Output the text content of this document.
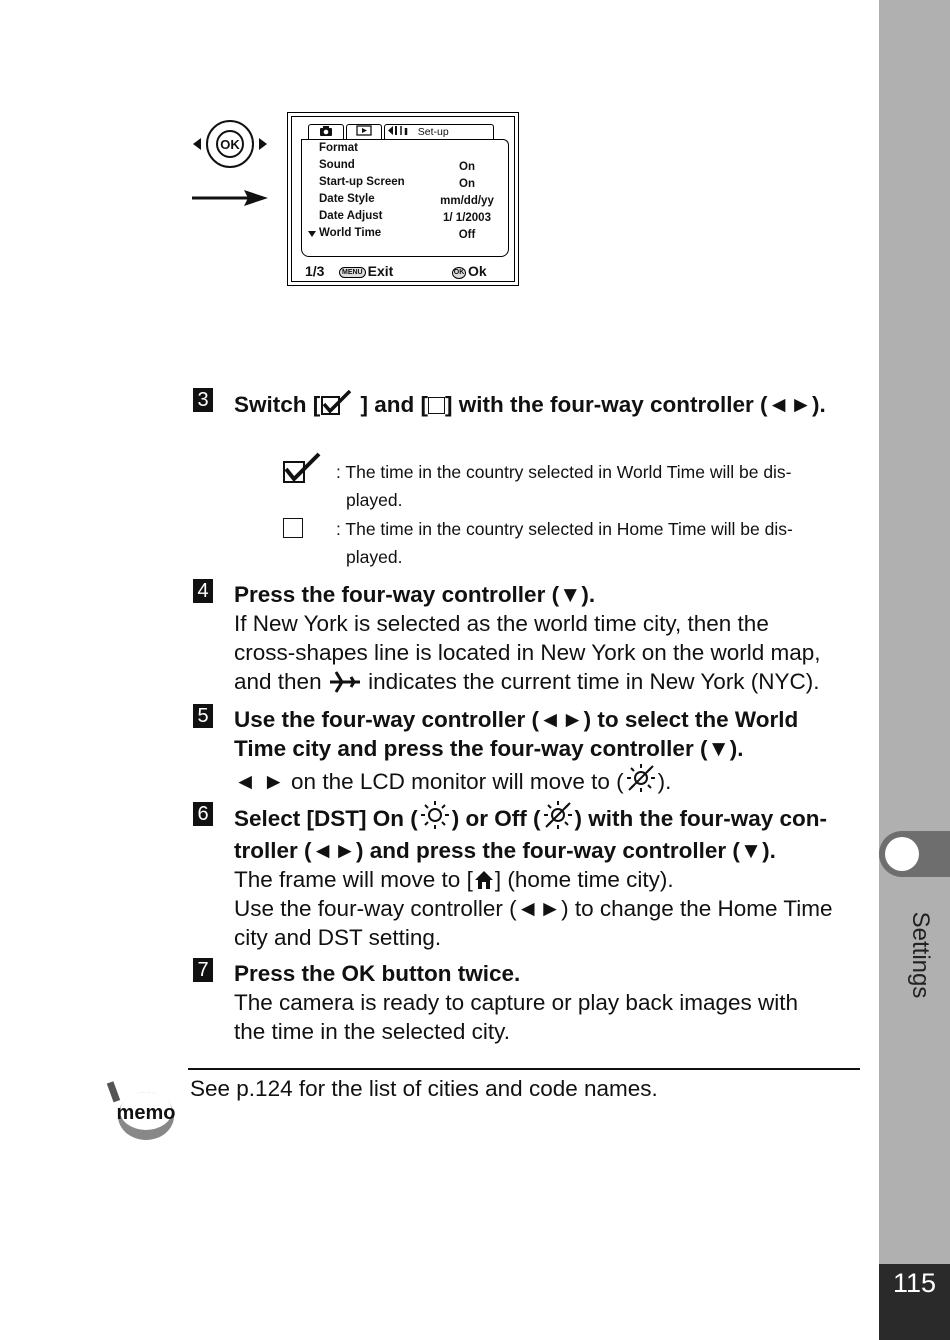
Settings
115
OK
Set-up
Format
Sound	On
Start-up Screen	On
Date Style	mm/dd/yy
Date Adjust	1/ 1/2003
World Time	Off
1/3	MENU Exit	OK Ok
3 Switch [ ] and [ ] with the four-way controller (◄►).
: The time in the country selected in World Time will be dis-
played.
: The time in the country selected in Home Time will be dis-
played.
4 Press the four-way controller (▼).
If New York is selected as the world time city, then the
cross-shapes line is located in New York on the world map,
and then indicates the current time in New York (NYC).
5 Use the four-way controller (◄►) to select the World
Time city and press the four-way controller (▼).
◄ ► on the LCD monitor will move to ( ).
6 Select [DST] On ( ) or Off ( ) with the four-way con-
troller (◄►) and press the four-way controller (▼).
The frame will move to [ ] (home time city).
Use the four-way controller (◄►) to change the Home Time
city and DST setting.
7 Press the OK button twice.
The camera is ready to capture or play back images with
the time in the selected city.
memo
See p.124 for the list of cities and code names.
